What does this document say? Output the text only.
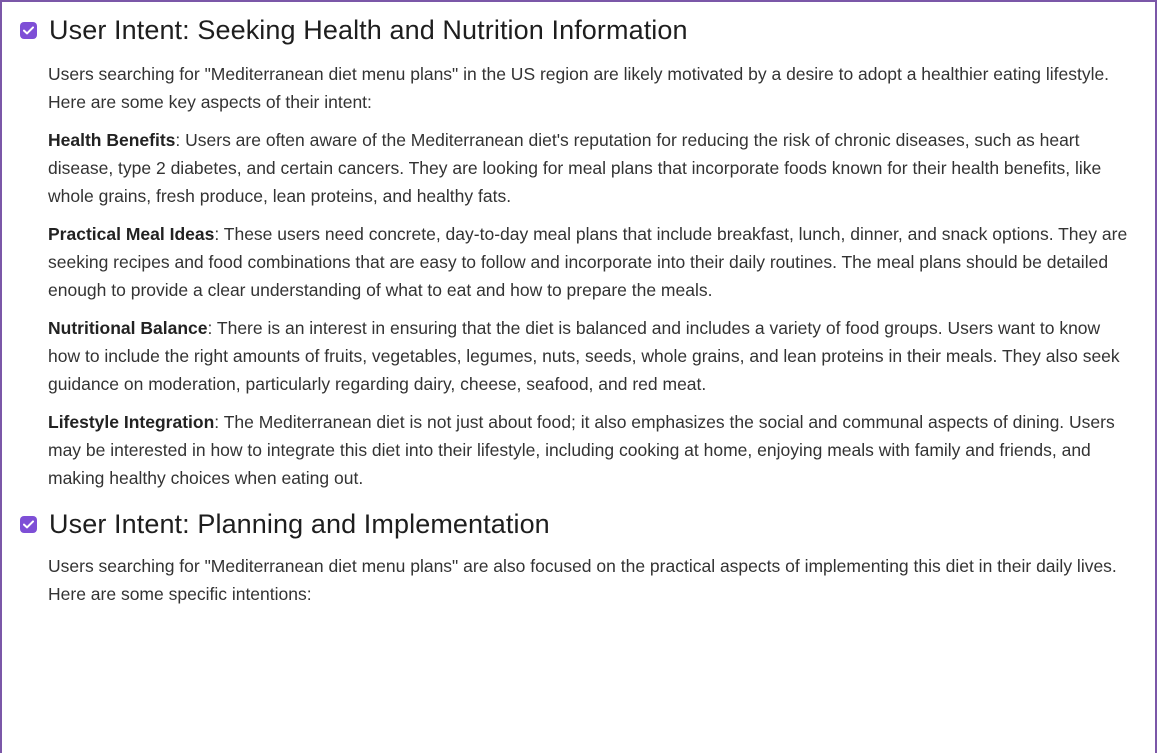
User Intent: Seeking Health and Nutrition Information

Users searching for "Mediterranean diet menu plans" in the US region are likely motivated by a desire to adopt a healthier eating lifestyle. Here are some key aspects of their intent:

Health Benefits: Users are often aware of the Mediterranean diet's reputation for reducing the risk of chronic diseases, such as heart disease, type 2 diabetes, and certain cancers. They are looking for meal plans that incorporate foods known for their health benefits, like whole grains, fresh produce, lean proteins, and healthy fats.

Practical Meal Ideas: These users need concrete, day-to-day meal plans that include breakfast, lunch, dinner, and snack options. They are seeking recipes and food combinations that are easy to follow and incorporate into their daily routines. The meal plans should be detailed enough to provide a clear understanding of what to eat and how to prepare the meals.

Nutritional Balance: There is an interest in ensuring that the diet is balanced and includes a variety of food groups. Users want to know how to include the right amounts of fruits, vegetables, legumes, nuts, seeds, whole grains, and lean proteins in their meals. They also seek guidance on moderation, particularly regarding dairy, cheese, seafood, and red meat.

Lifestyle Integration: The Mediterranean diet is not just about food; it also emphasizes the social and communal aspects of dining. Users may be interested in how to integrate this diet into their lifestyle, including cooking at home, enjoying meals with family and friends, and making healthy choices when eating out.

User Intent: Planning and Implementation

Users searching for "Mediterranean diet menu plans" are also focused on the practical aspects of implementing this diet in their daily lives. Here are some specific intentions:
